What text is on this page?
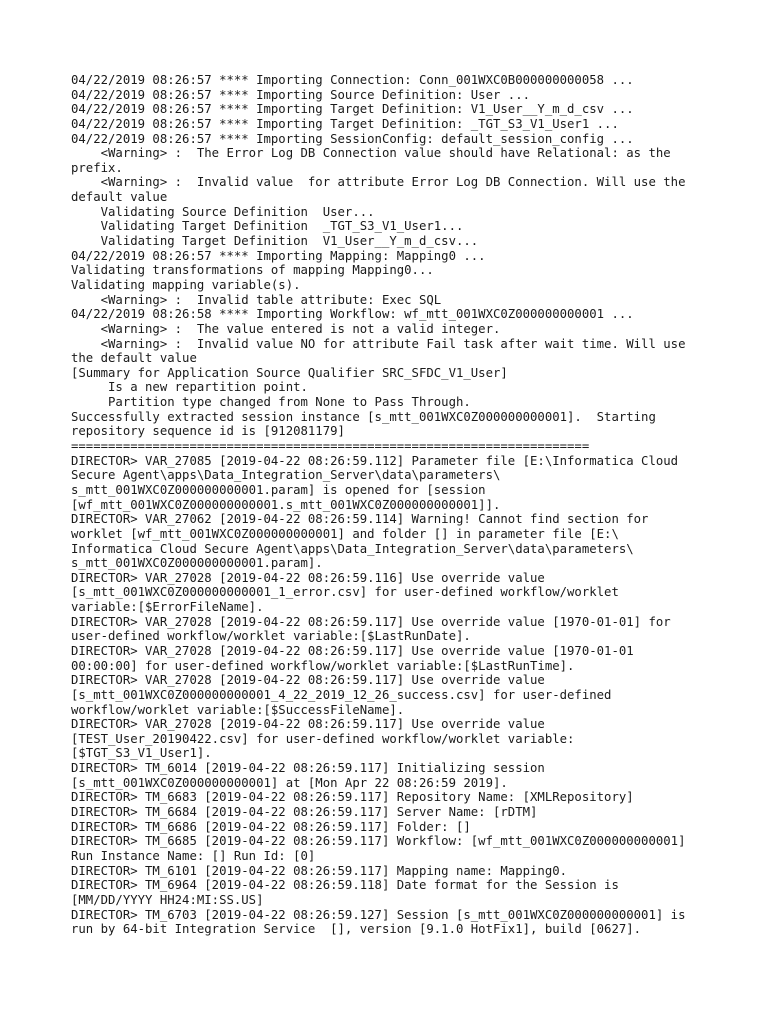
04/22/2019 08:26:57 **** Importing Connection: Conn_001WXC0B000000000058 ...
04/22/2019 08:26:57 **** Importing Source Definition: User ...
04/22/2019 08:26:57 **** Importing Target Definition: V1_User__Y_m_d_csv ...
04/22/2019 08:26:57 **** Importing Target Definition: _TGT_S3_V1_User1 ...
04/22/2019 08:26:57 **** Importing SessionConfig: default_session_config ...
<Warning> :  The Error Log DB Connection value should have Relational: as the
prefix.
<Warning> :  Invalid value  for attribute Error Log DB Connection. Will use the
default value
Validating Source Definition  User...
Validating Target Definition  _TGT_S3_V1_User1...
Validating Target Definition  V1_User__Y_m_d_csv...
04/22/2019 08:26:57 **** Importing Mapping: Mapping0 ...
Validating transformations of mapping Mapping0...
Validating mapping variable(s).
<Warning> :  Invalid table attribute: Exec SQL
04/22/2019 08:26:58 **** Importing Workflow: wf_mtt_001WXC0Z000000000001 ...
<Warning> :  The value entered is not a valid integer.
<Warning> :  Invalid value NO for attribute Fail task after wait time. Will use
the default value
[Summary for Application Source Qualifier SRC_SFDC_V1_User]
Is a new repartition point.
Partition type changed from None to Pass Through.
Successfully extracted session instance [s_mtt_001WXC0Z000000000001].  Starting
repository sequence id is [912081179]
======================================================================
DIRECTOR> VAR_27085 [2019-04-22 08:26:59.112] Parameter file [E:\Informatica Cloud
Secure Agent\apps\Data_Integration_Server\data\parameters\
s_mtt_001WXC0Z000000000001.param] is opened for [session
[wf_mtt_001WXC0Z000000000001.s_mtt_001WXC0Z000000000001]].
DIRECTOR> VAR_27062 [2019-04-22 08:26:59.114] Warning! Cannot find section for
worklet [wf_mtt_001WXC0Z000000000001] and folder [] in parameter file [E:\
Informatica Cloud Secure Agent\apps\Data_Integration_Server\data\parameters\
s_mtt_001WXC0Z000000000001.param].
DIRECTOR> VAR_27028 [2019-04-22 08:26:59.116] Use override value
[s_mtt_001WXC0Z000000000001_1_error.csv] for user-defined workflow/worklet
variable:[$ErrorFileName].
DIRECTOR> VAR_27028 [2019-04-22 08:26:59.117] Use override value [1970-01-01] for
user-defined workflow/worklet variable:[$LastRunDate].
DIRECTOR> VAR_27028 [2019-04-22 08:26:59.117] Use override value [1970-01-01
00:00:00] for user-defined workflow/worklet variable:[$LastRunTime].
DIRECTOR> VAR_27028 [2019-04-22 08:26:59.117] Use override value
[s_mtt_001WXC0Z000000000001_4_22_2019_12_26_success.csv] for user-defined
workflow/worklet variable:[$SuccessFileName].
DIRECTOR> VAR_27028 [2019-04-22 08:26:59.117] Use override value
[TEST_User_20190422.csv] for user-defined workflow/worklet variable:
[$TGT_S3_V1_User1].
DIRECTOR> TM_6014 [2019-04-22 08:26:59.117] Initializing session
[s_mtt_001WXC0Z000000000001] at [Mon Apr 22 08:26:59 2019].
DIRECTOR> TM_6683 [2019-04-22 08:26:59.117] Repository Name: [XMLRepository]
DIRECTOR> TM_6684 [2019-04-22 08:26:59.117] Server Name: [rDTM]
DIRECTOR> TM_6686 [2019-04-22 08:26:59.117] Folder: []
DIRECTOR> TM_6685 [2019-04-22 08:26:59.117] Workflow: [wf_mtt_001WXC0Z000000000001]
Run Instance Name: [] Run Id: [0]
DIRECTOR> TM_6101 [2019-04-22 08:26:59.117] Mapping name: Mapping0.
DIRECTOR> TM_6964 [2019-04-22 08:26:59.118] Date format for the Session is
[MM/DD/YYYY HH24:MI:SS.US]
DIRECTOR> TM_6703 [2019-04-22 08:26:59.127] Session [s_mtt_001WXC0Z000000000001] is
run by 64-bit Integration Service  [], version [9.1.0 HotFix1], build [0627].
